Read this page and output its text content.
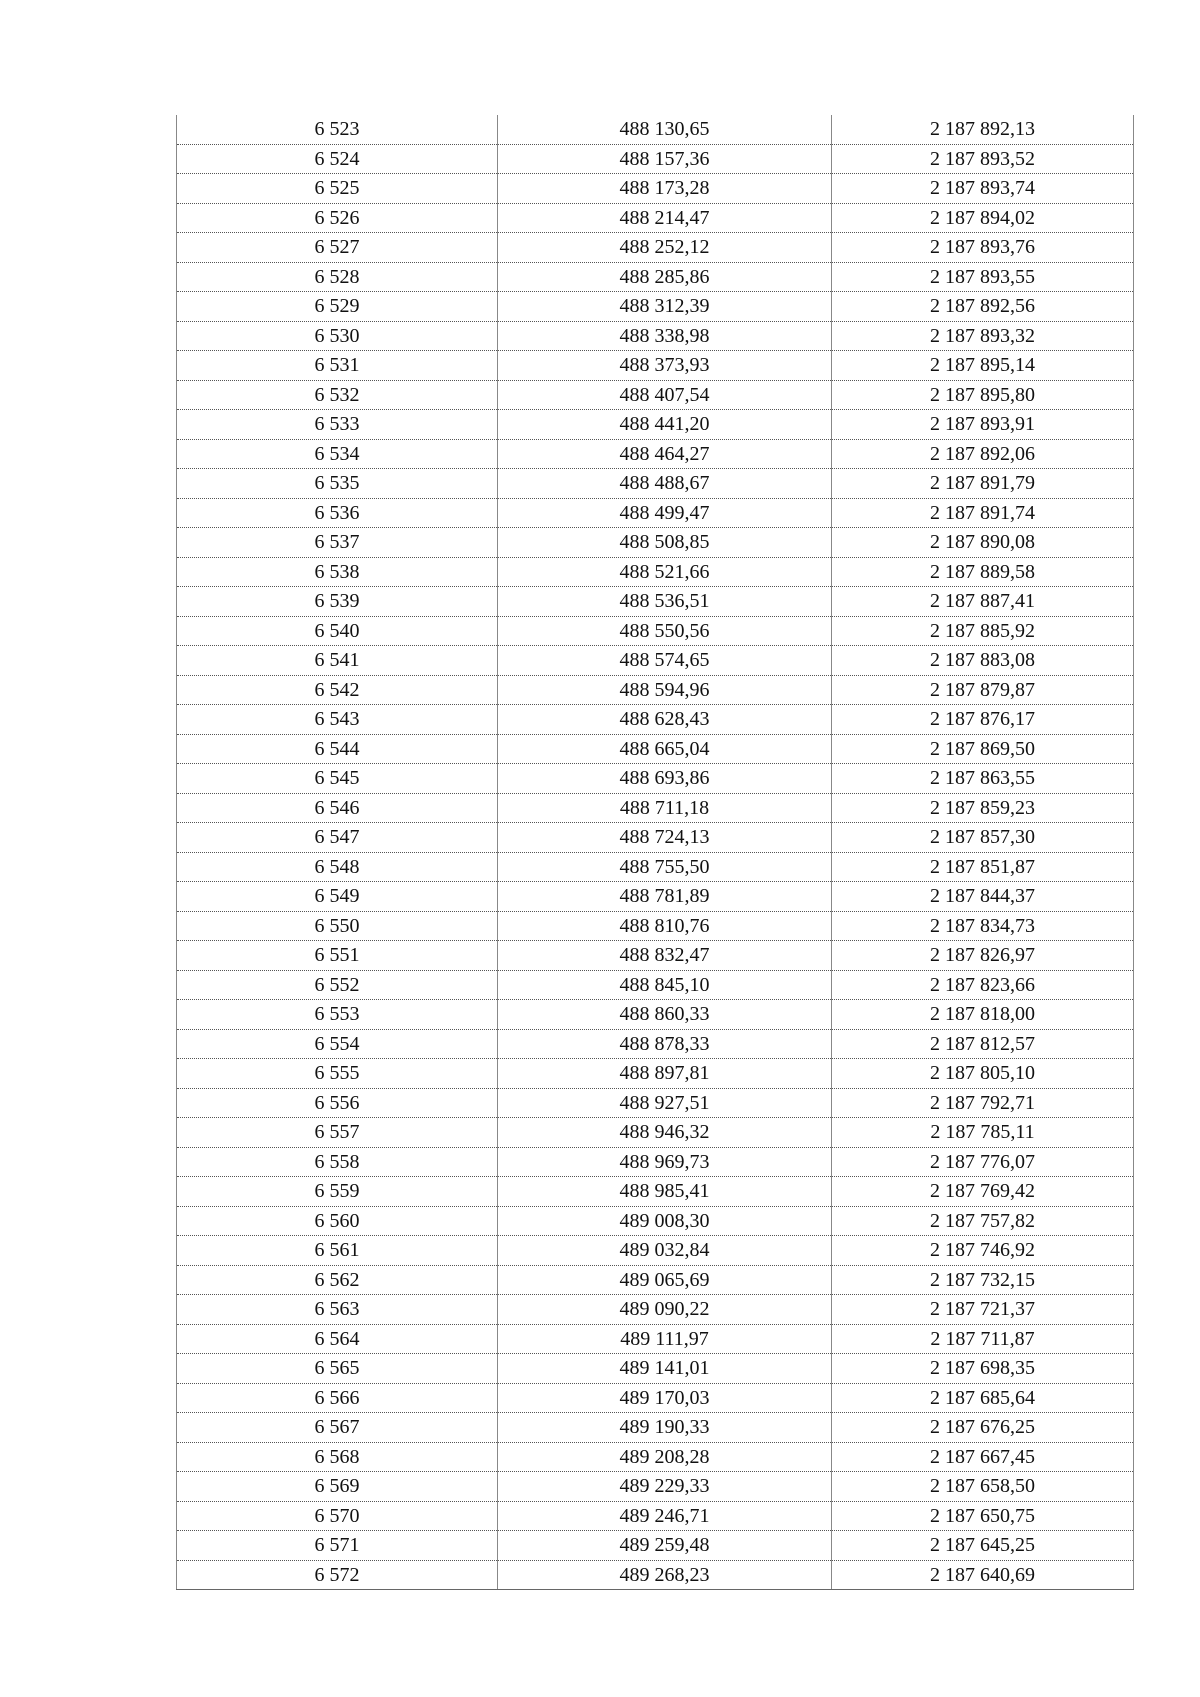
6 523	488 130,65	2 187 892,13
6 524	488 157,36	2 187 893,52
6 525	488 173,28	2 187 893,74
6 526	488 214,47	2 187 894,02
6 527	488 252,12	2 187 893,76
6 528	488 285,86	2 187 893,55
6 529	488 312,39	2 187 892,56
6 530	488 338,98	2 187 893,32
6 531	488 373,93	2 187 895,14
6 532	488 407,54	2 187 895,80
6 533	488 441,20	2 187 893,91
6 534	488 464,27	2 187 892,06
6 535	488 488,67	2 187 891,79
6 536	488 499,47	2 187 891,74
6 537	488 508,85	2 187 890,08
6 538	488 521,66	2 187 889,58
6 539	488 536,51	2 187 887,41
6 540	488 550,56	2 187 885,92
6 541	488 574,65	2 187 883,08
6 542	488 594,96	2 187 879,87
6 543	488 628,43	2 187 876,17
6 544	488 665,04	2 187 869,50
6 545	488 693,86	2 187 863,55
6 546	488 711,18	2 187 859,23
6 547	488 724,13	2 187 857,30
6 548	488 755,50	2 187 851,87
6 549	488 781,89	2 187 844,37
6 550	488 810,76	2 187 834,73
6 551	488 832,47	2 187 826,97
6 552	488 845,10	2 187 823,66
6 553	488 860,33	2 187 818,00
6 554	488 878,33	2 187 812,57
6 555	488 897,81	2 187 805,10
6 556	488 927,51	2 187 792,71
6 557	488 946,32	2 187 785,11
6 558	488 969,73	2 187 776,07
6 559	488 985,41	2 187 769,42
6 560	489 008,30	2 187 757,82
6 561	489 032,84	2 187 746,92
6 562	489 065,69	2 187 732,15
6 563	489 090,22	2 187 721,37
6 564	489 111,97	2 187 711,87
6 565	489 141,01	2 187 698,35
6 566	489 170,03	2 187 685,64
6 567	489 190,33	2 187 676,25
6 568	489 208,28	2 187 667,45
6 569	489 229,33	2 187 658,50
6 570	489 246,71	2 187 650,75
6 571	489 259,48	2 187 645,25
6 572	489 268,23	2 187 640,69
